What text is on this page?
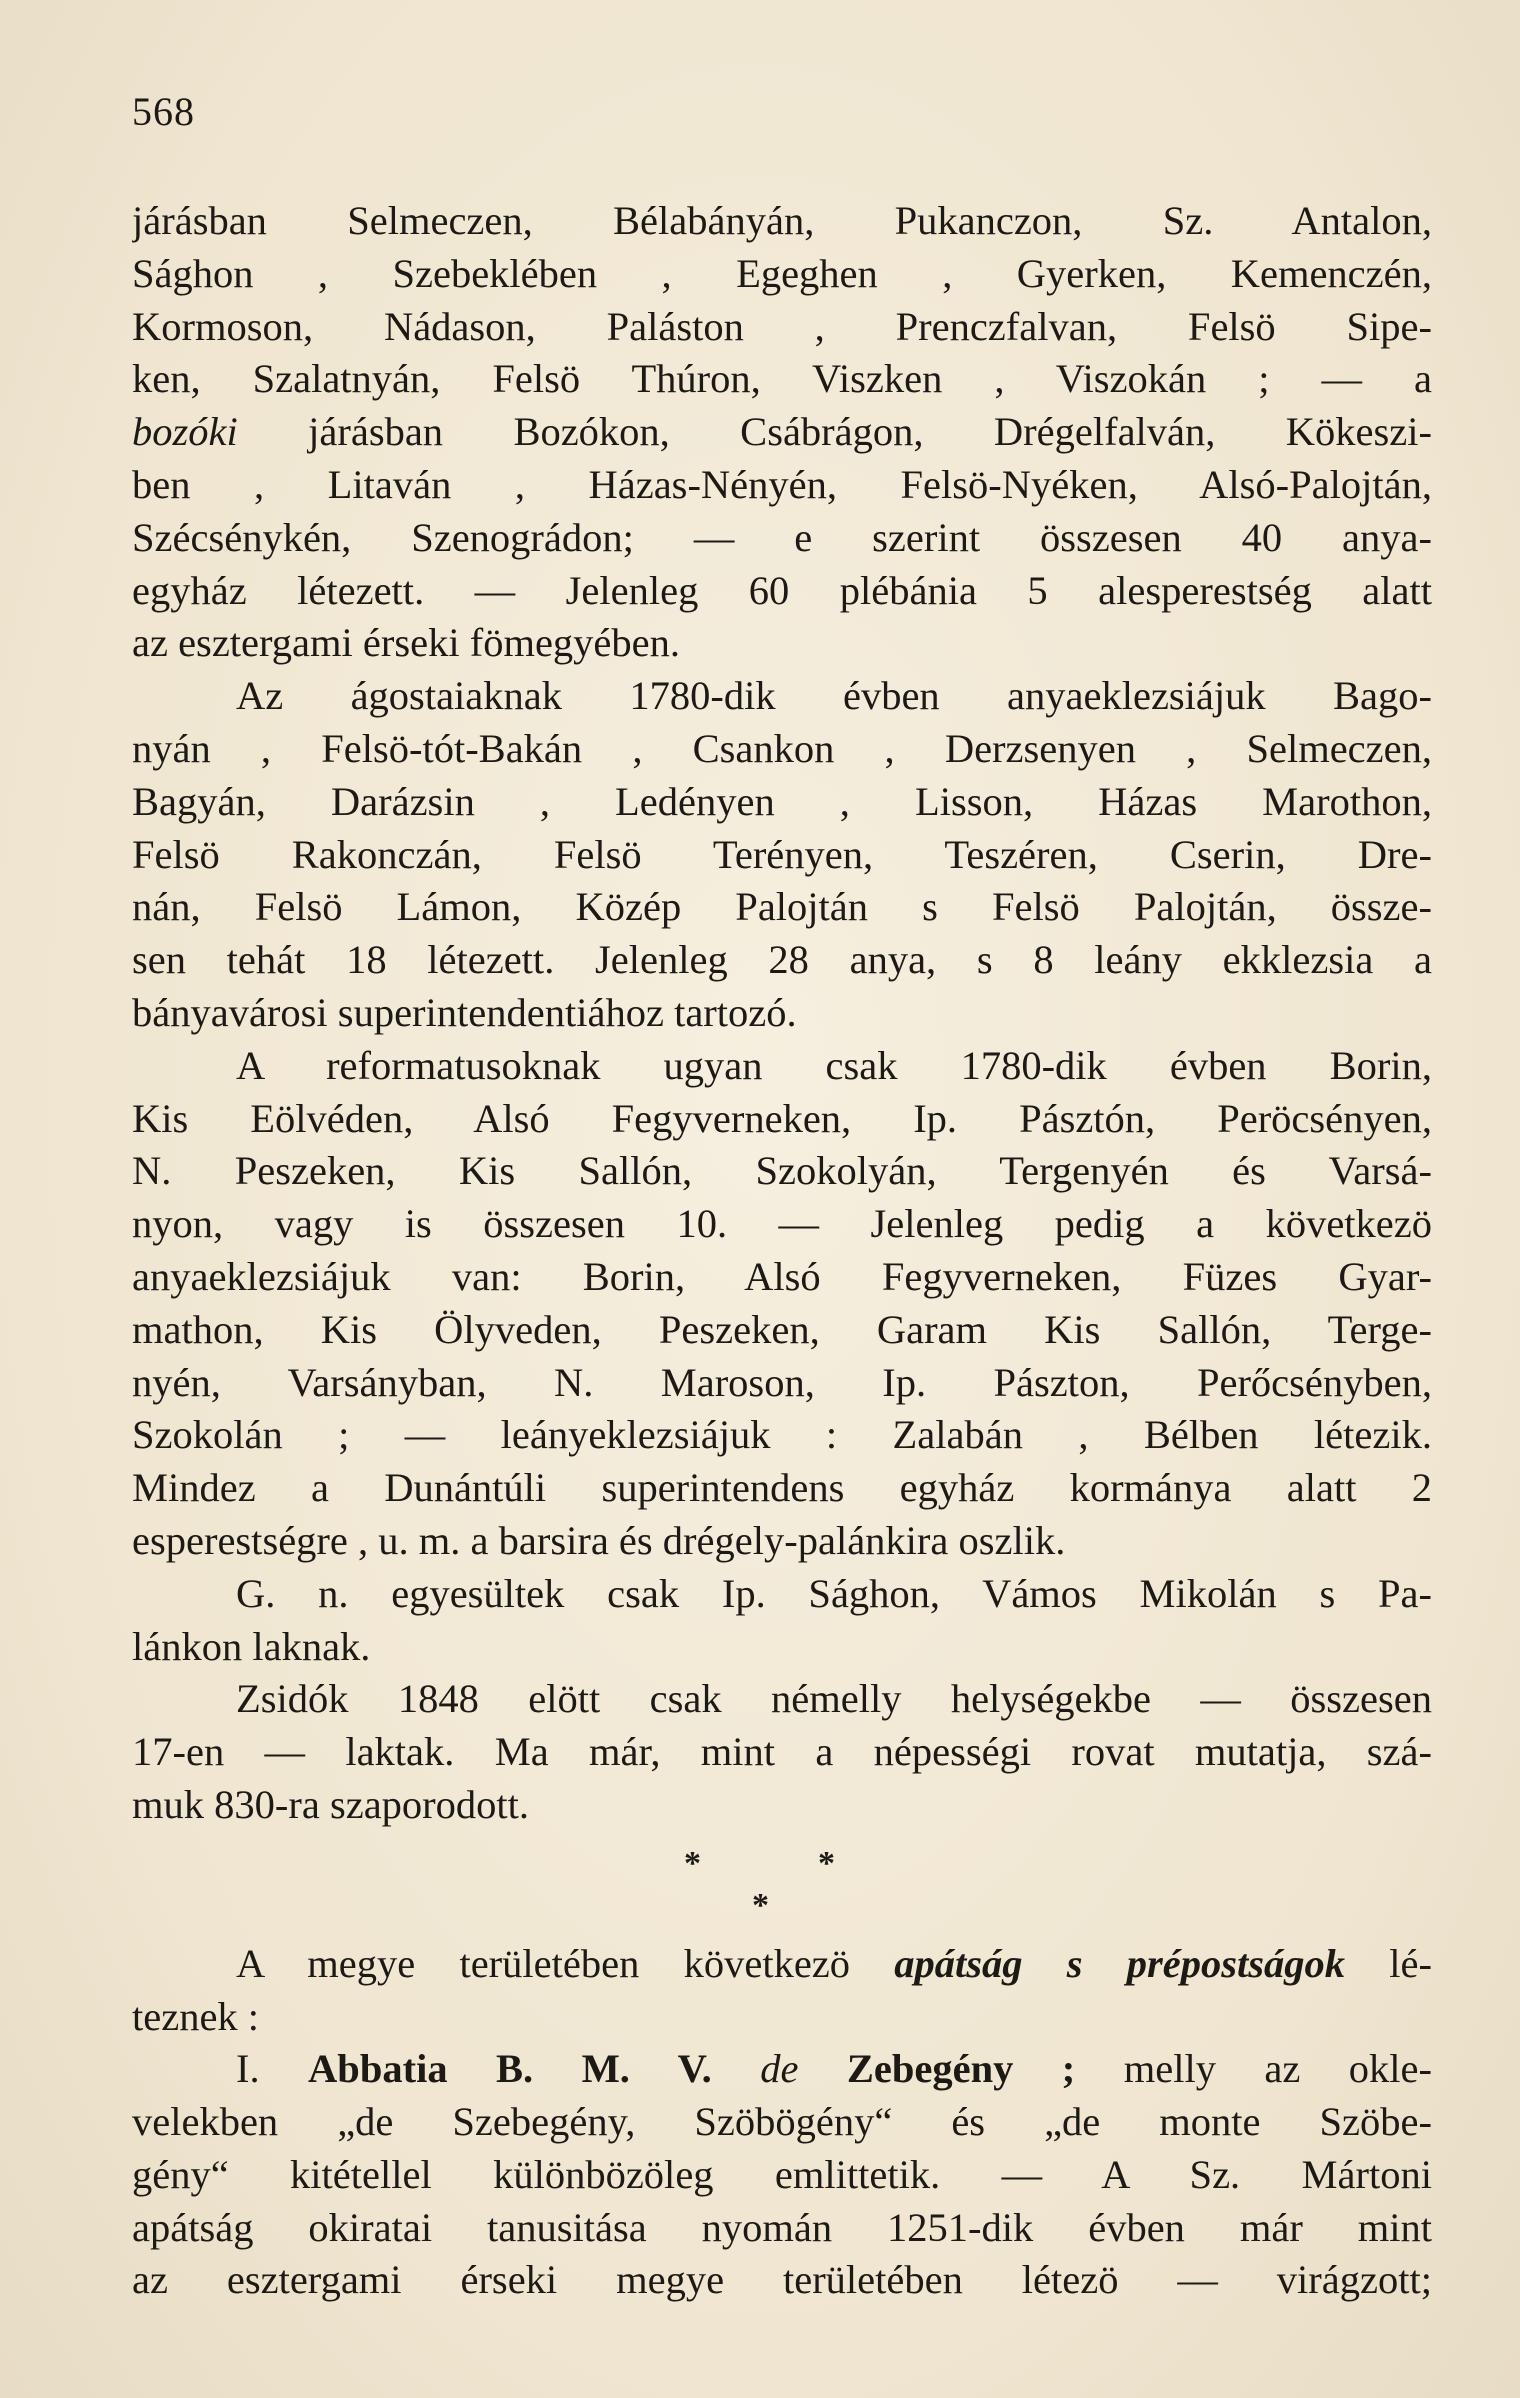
568
járásban Selmeczen, Bélabányán, Pukanczon, Sz. Antalon,
Sághon , Szebeklében , Egeghen , Gyerken, Kemenczén,
Kormoson, Nádason, Paláston , Prenczfalvan, Felsö Sipe-
ken, Szalatnyán, Felsö Thúron, Viszken , Viszokán ; — a
bozóki járásban Bozókon, Csábrágon, Drégelfalván, Kökeszi-
ben , Litaván , Házas-Nényén, Felsö-Nyéken, Alsó-Palojtán,
Szécsénykén, Szenográdon; — e szerint összesen 40 anya-
egyház létezett. — Jelenleg 60 plébánia 5 alesperestség alatt
az esztergami érseki fömegyében.
Az ágostaiaknak 1780-dik évben anyaeklezsiájuk Bago-
nyán , Felsö-tót-Bakán , Csankon , Derzsenyen , Selmeczen,
Bagyán, Darázsin , Ledényen , Lisson, Házas Marothon,
Felsö Rakonczán, Felsö Terényen, Teszéren, Cserin, Dre-
nán, Felsö Lámon, Közép Palojtán s Felsö Palojtán, össze-
sen tehát 18 létezett. Jelenleg 28 anya, s 8 leány ekklezsia a
bányavárosi superintendentiához tartozó.
A reformatusoknak ugyan csak 1780-dik évben Borin,
Kis Eölvéden, Alsó Fegyverneken, Ip. Pásztón, Peröcsényen,
N. Peszeken, Kis Sallón, Szokolyán, Tergenyén és Varsá-
nyon, vagy is összesen 10. — Jelenleg pedig a következö
anyaeklezsiájuk van: Borin, Alsó Fegyverneken, Füzes Gyar-
mathon, Kis Ölyveden, Peszeken, Garam Kis Sallón, Terge-
nyén, Varsányban, N. Maroson, Ip. Pászton, Perőcsényben,
Szokolán ; — leányeklezsiájuk : Zalabán , Bélben létezik.
Mindez a Dunántúli superintendens egyház kormánya alatt 2
esperestségre , u. m. a barsira és drégely-palánkira oszlik.
G. n. egyesültek csak Ip. Sághon, Vámos Mikolán s Pa-
lánkon laknak.
Zsidók 1848 elött csak némelly helységekbe — összesen
17-en — laktak. Ma már, mint a népességi rovat mutatja, szá-
muk 830-ra szaporodott.
*	*
*
A megye területében következö apátság s prépostságok lé-
teznek :
I. Abbatia B. M. V. de Zebegény ; melly az okle-
velekben „de Szebegény, Szöbögény“ és „de monte Szöbe-
gény“ kitétellel különbözöleg emlittetik. — A Sz. Mártoni
apátság okiratai tanusitása nyomán 1251-dik évben már mint
az esztergami érseki megye területében létezö — virágzott;
